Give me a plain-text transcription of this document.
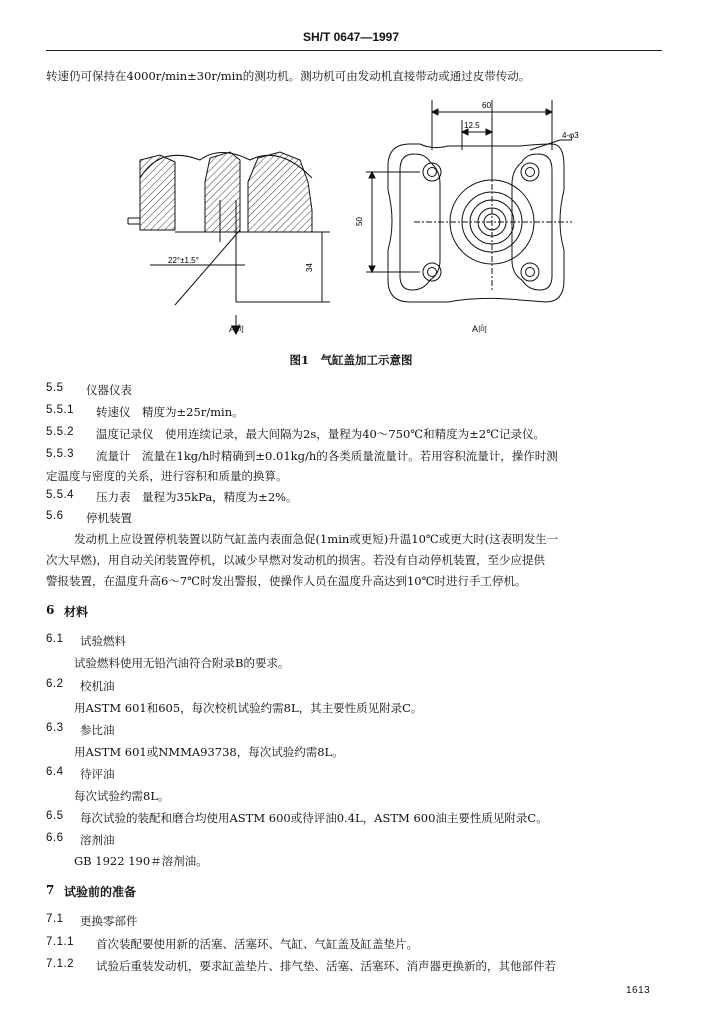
SH/T 0647—1997
转速仍可保持在4000r/min±30r/min的测功机。测功机可由发动机直接带动或通过皮带传动。
22°±1.5°
34
A向
60
12.5
4-φ3
50
A向
图1　气缸盖加工示意图
5.5 仪器仪表
5.5.1 转速仪　精度为±25r/min。
5.5.2 温度记录仪　使用连续记录，最大间隔为2s，量程为40～750℃和精度为±2℃记录仪。
5.5.3 流量计　流量在1kg/h时精确到±0.01kg/h的各类质量流量计。若用容积流量计，操作时测
定温度与密度的关系，进行容积和质量的换算。
5.5.4 压力表　量程为35kPa，精度为±2%。
5.6 停机装置
发动机上应设置停机装置以防气缸盖内表面急促(1min或更短)升温10℃或更大时(这表明发生一
次大早燃)，用自动关闭装置停机，以减少早燃对发动机的损害。若没有自动停机装置，至少应提供
警报装置，在温度升高6～7℃时发出警报，使操作人员在温度升高达到10℃时进行手工停机。
6 材料
6.1 试验燃料
试验燃料使用无铅汽油符合附录B的要求。
6.2 校机油
用ASTM 601和605，每次校机试验约需8L，其主要性质见附录C。
6.3 参比油
用ASTM 601或NMMA93738，每次试验约需8L。
6.4 待评油
每次试验约需8L。
6.5 每次试验的装配和磨合均使用ASTM 600或待评油0.4L，ASTM 600油主要性质见附录C。
6.6 溶剂油
GB 1922 190＃溶剂油。
7 试验前的准备
7.1 更换零部件
7.1.1 首次装配要使用新的活塞、活塞环、气缸、气缸盖及缸盖垫片。
7.1.2 试验后重装发动机，要求缸盖垫片、排气垫、活塞、活塞环、消声器更换新的，其他部件若
1613
